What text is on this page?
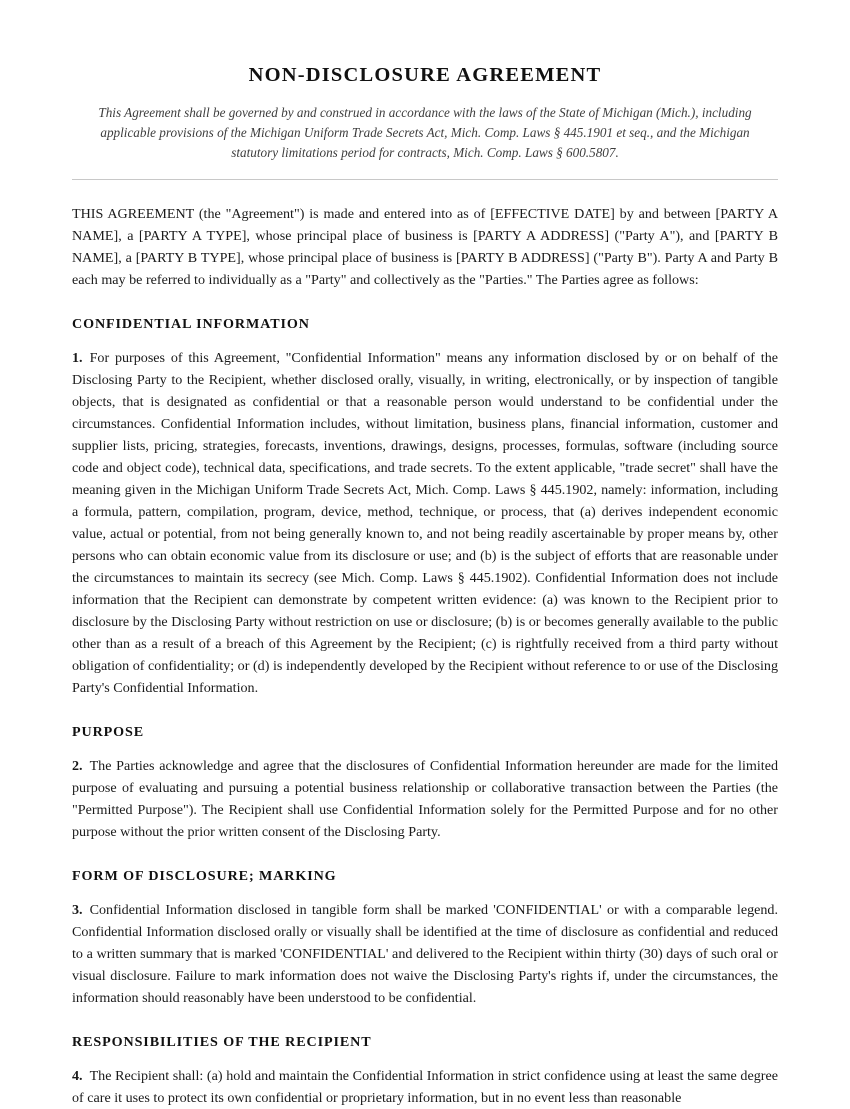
NON-DISCLOSURE AGREEMENT

This Agreement shall be governed by and construed in accordance with the laws of the State of Michigan (Mich.), including applicable provisions of the Michigan Uniform Trade Secrets Act, Mich. Comp. Laws § 445.1901 et seq., and the Michigan statutory limitations period for contracts, Mich. Comp. Laws § 600.5807.

THIS AGREEMENT (the "Agreement") is made and entered into as of [EFFECTIVE DATE] by and between [PARTY A NAME], a [PARTY A TYPE], whose principal place of business is [PARTY A ADDRESS] ("Party A"), and [PARTY B NAME], a [PARTY B TYPE], whose principal place of business is [PARTY B ADDRESS] ("Party B"). Party A and Party B each may be referred to individually as a "Party" and collectively as the "Parties." The Parties agree as follows:

CONFIDENTIAL INFORMATION

1. For purposes of this Agreement, "Confidential Information" means any information disclosed by or on behalf of the Disclosing Party to the Recipient, whether disclosed orally, visually, in writing, electronically, or by inspection of tangible objects, that is designated as confidential or that a reasonable person would understand to be confidential under the circumstances. Confidential Information includes, without limitation, business plans, financial information, customer and supplier lists, pricing, strategies, forecasts, inventions, drawings, designs, processes, formulas, software (including source code and object code), technical data, specifications, and trade secrets. To the extent applicable, "trade secret" shall have the meaning given in the Michigan Uniform Trade Secrets Act, Mich. Comp. Laws § 445.1902, namely: information, including a formula, pattern, compilation, program, device, method, technique, or process, that (a) derives independent economic value, actual or potential, from not being generally known to, and not being readily ascertainable by proper means by, other persons who can obtain economic value from its disclosure or use; and (b) is the subject of efforts that are reasonable under the circumstances to maintain its secrecy (see Mich. Comp. Laws § 445.1902). Confidential Information does not include information that the Recipient can demonstrate by competent written evidence: (a) was known to the Recipient prior to disclosure by the Disclosing Party without restriction on use or disclosure; (b) is or becomes generally available to the public other than as a result of a breach of this Agreement by the Recipient; (c) is rightfully received from a third party without obligation of confidentiality; or (d) is independently developed by the Recipient without reference to or use of the Disclosing Party's Confidential Information.

PURPOSE

2. The Parties acknowledge and agree that the disclosures of Confidential Information hereunder are made for the limited purpose of evaluating and pursuing a potential business relationship or collaborative transaction between the Parties (the "Permitted Purpose"). The Recipient shall use Confidential Information solely for the Permitted Purpose and for no other purpose without the prior written consent of the Disclosing Party.

FORM OF DISCLOSURE; MARKING

3. Confidential Information disclosed in tangible form shall be marked 'CONFIDENTIAL' or with a comparable legend. Confidential Information disclosed orally or visually shall be identified at the time of disclosure as confidential and reduced to a written summary that is marked 'CONFIDENTIAL' and delivered to the Recipient within thirty (30) days of such oral or visual disclosure. Failure to mark information does not waive the Disclosing Party's rights if, under the circumstances, the information should reasonably have been understood to be confidential.

RESPONSIBILITIES OF THE RECIPIENT

4. The Recipient shall: (a) hold and maintain the Confidential Information in strict confidence using at least the same degree of care it uses to protect its own confidential or proprietary information, but in no event less than reasonable
